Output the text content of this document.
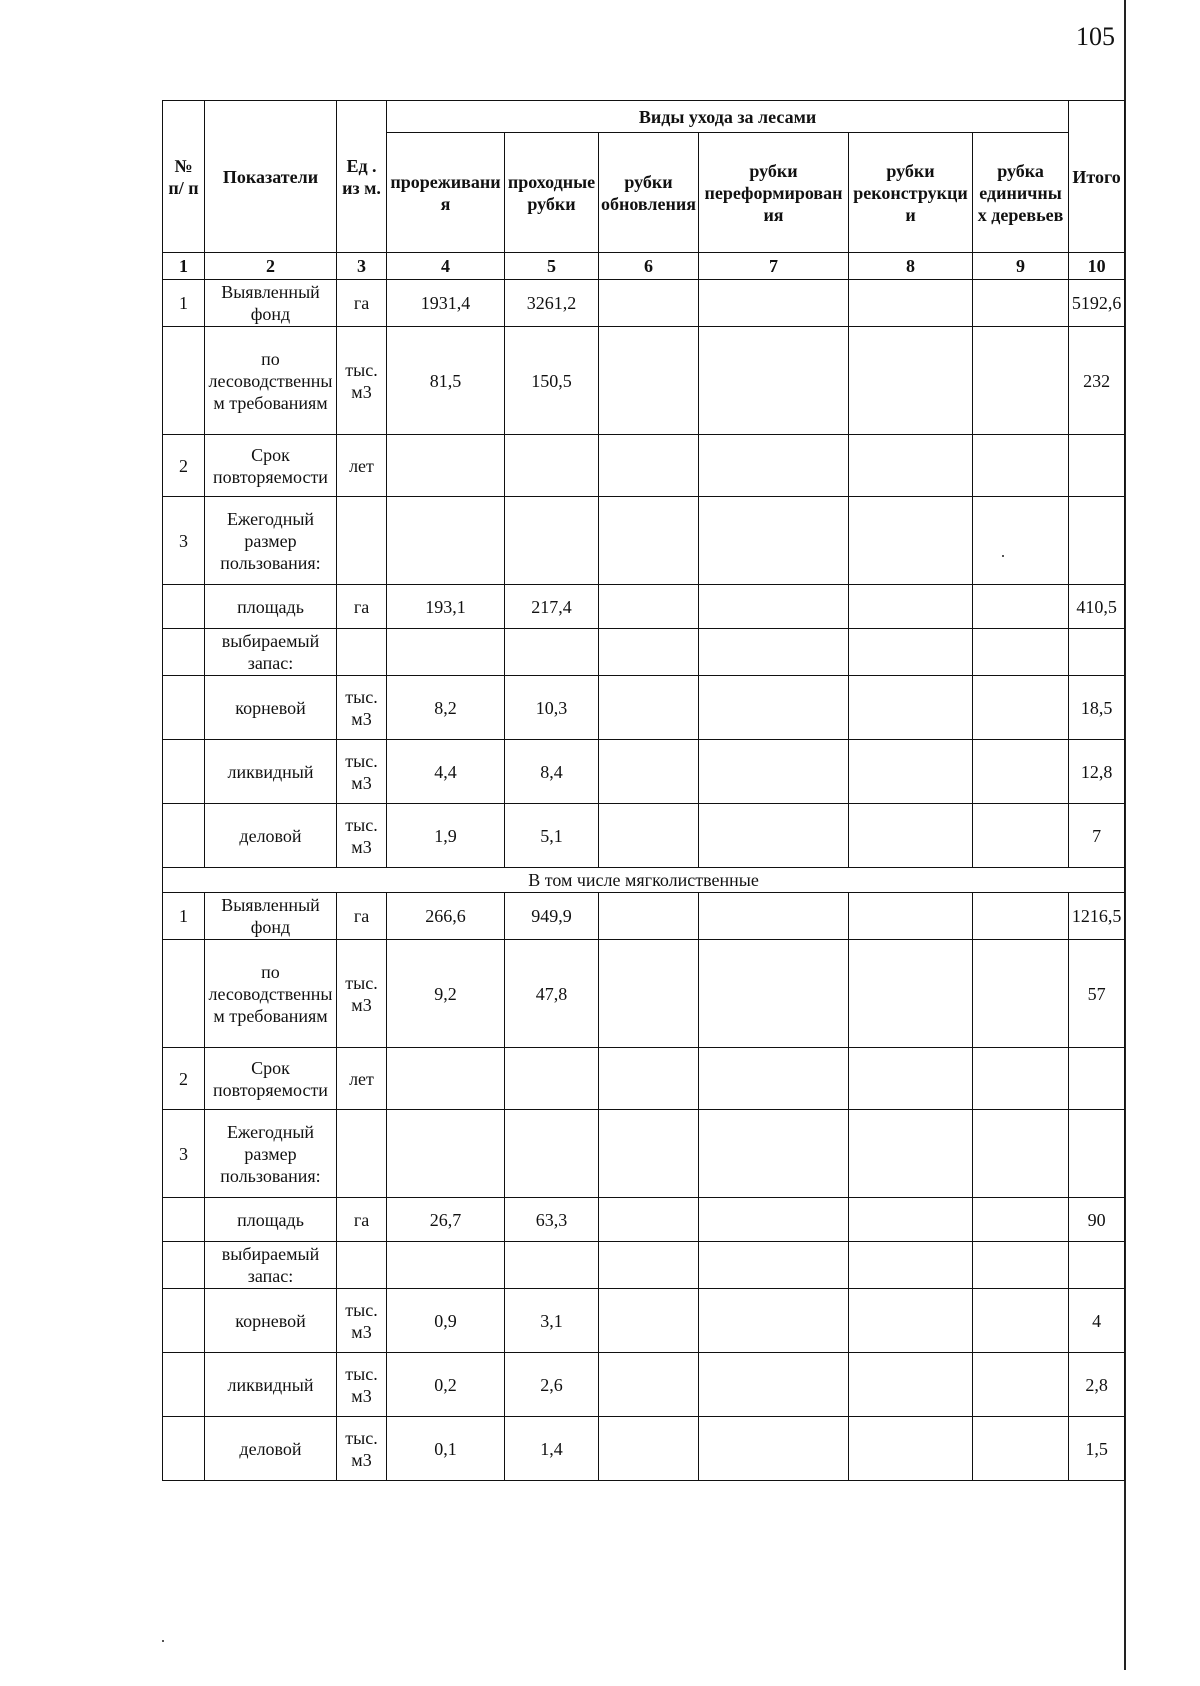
105
№ п/ п	Показатели	Ед . из м.	Виды ухода за лесами						Итого
			прореживания	проходные рубки	рубки обновления	рубки переформирования	рубки реконструкции	рубка единичных деревьев	
1	2	3	4	5	6	7	8	9	10
1	Выявленный фонд	га	1931,4	3261,2					5192,6
	по лесоводственным требованиям	тыс. м3	81,5	150,5					232
2	Срок повторяемости	лет							
3	Ежегодный размер пользования:								
	площадь	га	193,1	217,4					410,5
	выбираемый запас:								
	корневой	тыс. м3	8,2	10,3					18,5
	ликвидный	тыс. м3	4,4	8,4					12,8
	деловой	тыс. м3	1,9	5,1					7
В том числе мягколиственные									
1	Выявленный фонд	га	266,6	949,9					1216,5
	по лесоводственным требованиям	тыс. м3	9,2	47,8					57
2	Срок повторяемости	лет							
3	Ежегодный размер пользования:								
	площадь	га	26,7	63,3					90
	выбираемый запас:								
	корневой	тыс. м3	0,9	3,1					4
	ликвидный	тыс. м3	0,2	2,6					2,8
	деловой	тыс. м3	0,1	1,4					1,5
